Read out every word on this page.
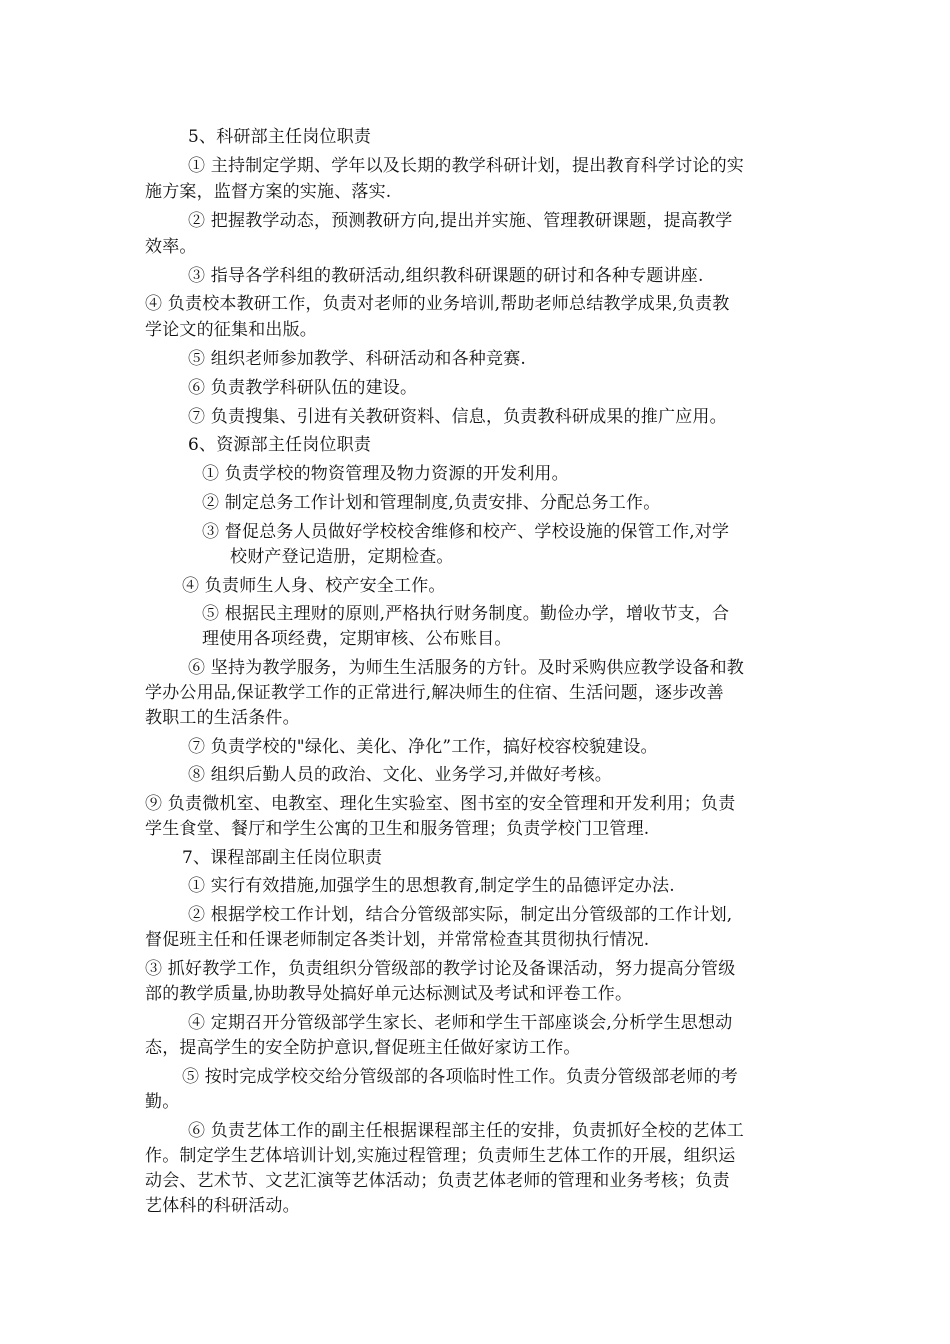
5、科研部主任岗位职责
① 主持制定学期、学年以及长期的教学科研计划，提出教育科学讨论的实
施方案，监督方案的实施、落实.
② 把握教学动态，预测教研方向,提出并实施、管理教研课题，提高教学
效率。
③ 指导各学科组的教研活动,组织教科研课题的研讨和各种专题讲座.
④ 负责校本教研工作，负责对老师的业务培训,帮助老师总结教学成果,负责教
学论文的征集和出版。
⑤ 组织老师参加教学、科研活动和各种竞赛.
⑥ 负责教学科研队伍的建设。
⑦ 负责搜集、引进有关教研资料、信息，负责教科研成果的推广应用。
6、资源部主任岗位职责
① 负责学校的物资管理及物力资源的开发利用。
② 制定总务工作计划和管理制度,负责安排、分配总务工作。
③ 督促总务人员做好学校校舍维修和校产、学校设施的保管工作,对学
校财产登记造册，定期检查。
④ 负责师生人身、校产安全工作。
⑤ 根据民主理财的原则,严格执行财务制度。勤俭办学，增收节支，合
理使用各项经费，定期审核、公布账目。
⑥ 坚持为教学服务，为师生生活服务的方针。及时采购供应教学设备和教
学办公用品,保证教学工作的正常进行,解决师生的住宿、生活问题，逐步改善
教职工的生活条件。
⑦ 负责学校的"绿化、美化、净化”工作，搞好校容校貌建设。
⑧ 组织后勤人员的政治、文化、业务学习,并做好考核。
⑨ 负责微机室、电教室、理化生实验室、图书室的安全管理和开发利用；负责
学生食堂、餐厅和学生公寓的卫生和服务管理；负责学校门卫管理.
7、课程部副主任岗位职责
① 实行有效措施,加强学生的思想教育,制定学生的品德评定办法.
② 根据学校工作计划，结合分管级部实际，制定出分管级部的工作计划,
督促班主任和任课老师制定各类计划，并常常检查其贯彻执行情况.
③ 抓好教学工作，负责组织分管级部的教学讨论及备课活动，努力提高分管级
部的教学质量,协助教导处搞好单元达标测试及考试和评卷工作。
④ 定期召开分管级部学生家长、老师和学生干部座谈会,分析学生思想动
态，提高学生的安全防护意识,督促班主任做好家访工作。
⑤ 按时完成学校交给分管级部的各项临时性工作。负责分管级部老师的考
勤。
⑥ 负责艺体工作的副主任根据课程部主任的安排，负责抓好全校的艺体工
作。制定学生艺体培训计划,实施过程管理；负责师生艺体工作的开展，组织运
动会、艺术节、文艺汇演等艺体活动；负责艺体老师的管理和业务考核；负责
艺体科的科研活动。
